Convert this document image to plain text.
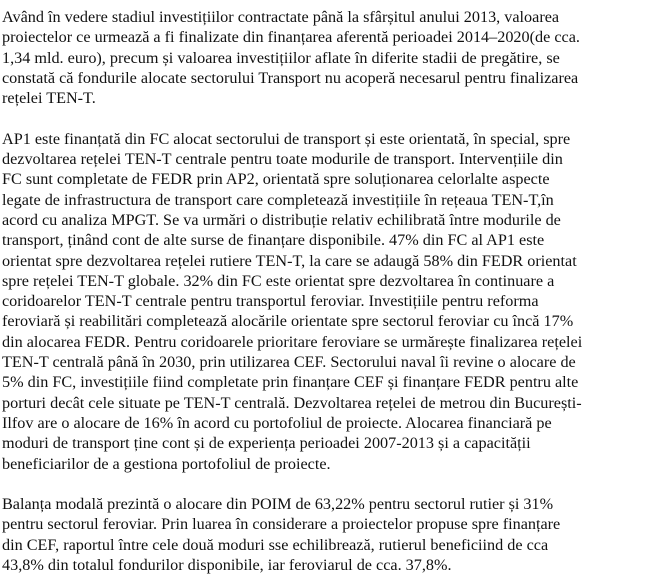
Având în vedere stadiul investițiilor contractate până la sfârșitul anului 2013, valoarea
proiectelor ce urmează a fi finalizate din finanțarea aferentă perioadei 2014–2020(de cca.
1,34 mld. euro), precum și valoarea investițiilor aflate în diferite stadii de pregătire, se
constată că fondurile alocate sectorului Transport nu acoperă necesarul pentru finalizarea
rețelei TEN-T.

AP1 este finanțată din FC alocat sectorului de transport și este orientată, în special, spre
dezvoltarea rețelei TEN-T centrale pentru toate modurile de transport. Intervențiile din
FC sunt completate de FEDR prin AP2, orientată spre soluționarea celorlalte aspecte
legate de infrastructura de transport care completează investițiile în rețeaua TEN-T,în
acord cu analiza MPGT. Se va urmări o distribuție relativ echilibrată între modurile de
transport, ținând cont de alte surse de finanțare disponibile. 47% din FC al AP1 este
orientat spre dezvoltarea rețelei rutiere TEN-T, la care se adaugă 58% din FEDR orientat
spre rețelei TEN-T globale. 32% din FC este orientat spre dezvoltarea în continuare a
coridoarelor TEN-T centrale pentru transportul feroviar. Investițiile pentru reforma
feroviară și reabilitări completează alocările orientate spre sectorul feroviar cu încă 17%
din alocarea FEDR. Pentru coridoarele prioritare feroviare se urmărește finalizarea rețelei
TEN-T centrală până în 2030, prin utilizarea CEF. Sectorului naval îi revine o alocare de
5% din FC, investițiile fiind completate prin finanțare CEF și finanțare FEDR pentru alte
porturi decât cele situate pe TEN-T centrală. Dezvoltarea rețelei de metrou din București-
Ilfov are o alocare de 16% în acord cu portofoliul de proiecte. Alocarea financiară pe
moduri de transport ține cont și de experiența perioadei 2007-2013 și a capacității
beneficiarilor de a gestiona portofoliul de proiecte.

Balanța modală prezintă o alocare din POIM de 63,22% pentru sectorul rutier și 31%
pentru sectorul feroviar. Prin luarea în considerare a proiectelor propuse spre finanțare
din CEF, raportul între cele două moduri sse echilibrează, rutierul beneficiind de cca
43,8% din totalul fondurilor disponibile, iar feroviarul de cca. 37,8%.
